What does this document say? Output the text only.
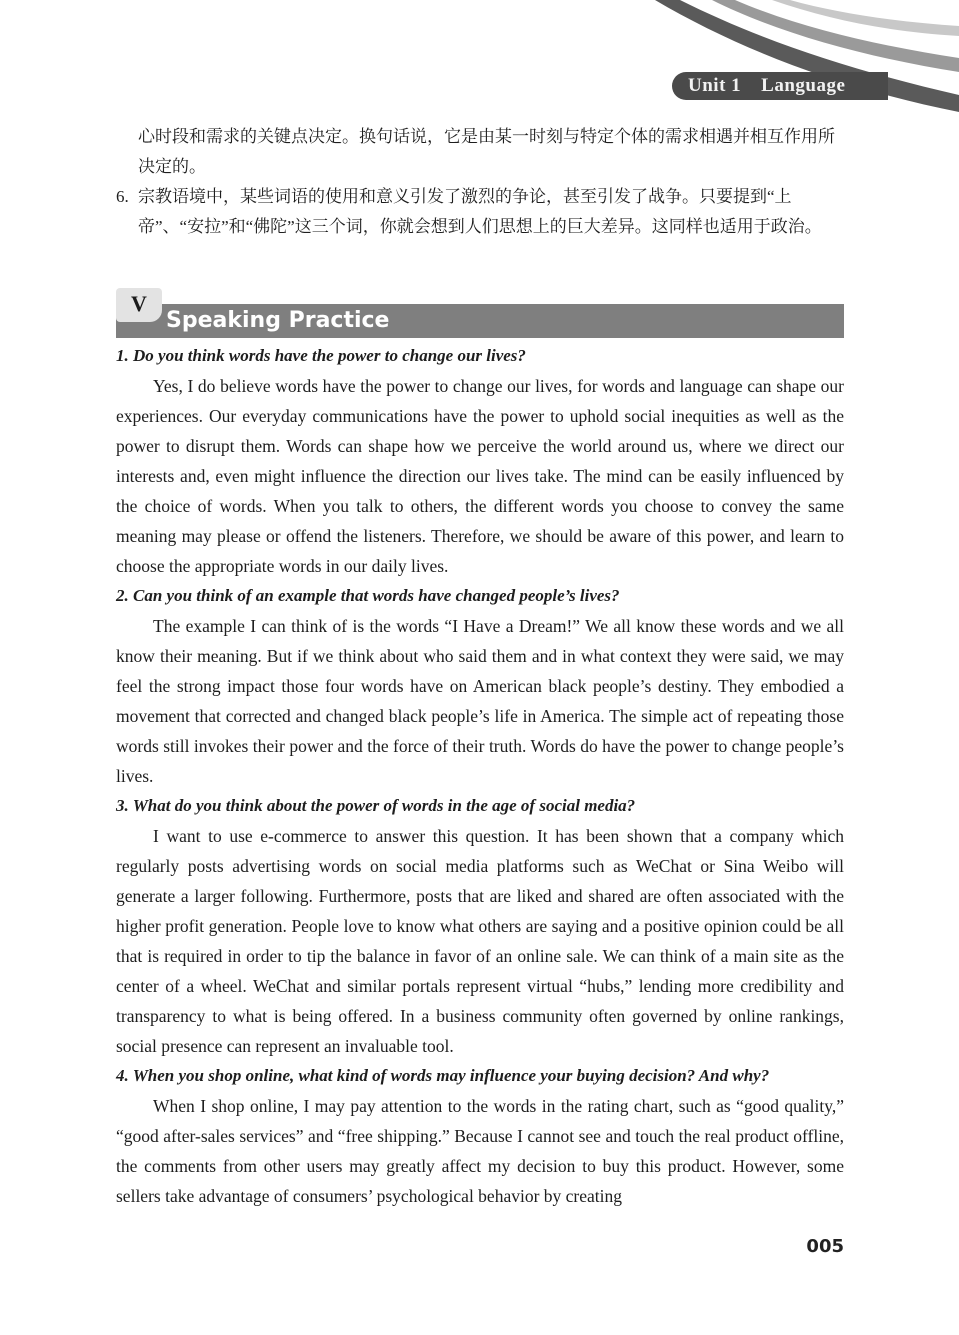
Unit 1 Language
心时段和需求的关键点决定。换句话说，它是由某一时刻与特定个体的需求相遇并相互作用所决定的。
6. 宗教语境中，某些词语的使用和意义引发了激烈的争论，甚至引发了战争。只要提到“上帝”、“安拉”和“佛陀”这三个词，你就会想到人们思想上的巨大差异。这同样也适用于政治。
V
Speaking Practice

1. Do you think words have the power to change our lives?

Yes, I do believe words have the power to change our lives, for words and language can shape our experiences. Our everyday communications have the power to uphold social inequities as well as the power to disrupt them. Words can shape how we perceive the world around us, where we direct our interests and, even might influence the direction our lives take. The mind can be easily influenced by the choice of words. When you talk to others, the different words you choose to convey the same meaning may please or offend the listeners. Therefore, we should be aware of this power, and learn to choose the appropriate words in our daily lives.

2. Can you think of an example that words have changed people’s lives?

The example I can think of is the words “I Have a Dream!” We all know these words and we all know their meaning. But if we think about who said them and in what context they were said, we may feel the strong impact those four words have on American black people’s destiny. They embodied a movement that corrected and changed black people’s life in America. The simple act of repeating those words still invokes their power and the force of their truth. Words do have the power to change people’s lives.

3. What do you think about the power of words in the age of social media?

I want to use e-commerce to answer this question. It has been shown that a company which regularly posts advertising words on social media platforms such as WeChat or Sina Weibo will generate a larger following. Furthermore, posts that are liked and shared are often associated with the higher profit generation. People love to know what others are saying and a positive opinion could be all that is required in order to tip the balance in favor of an online sale. We can think of a main site as the center of a wheel. WeChat and similar portals represent virtual “hubs,” lending more credibility and transparency to what is being offered. In a business community often governed by online rankings, social presence can represent an invaluable tool.

4. When you shop online, what kind of words may influence your buying decision? And why?

When I shop online, I may pay attention to the words in the rating chart, such as “good quality,” “good after-sales services” and “free shipping.” Because I cannot see and touch the real product offline, the comments from other users may greatly affect my decision to buy this product. However, some sellers take advantage of consumers’ psychological behavior by creating

005
